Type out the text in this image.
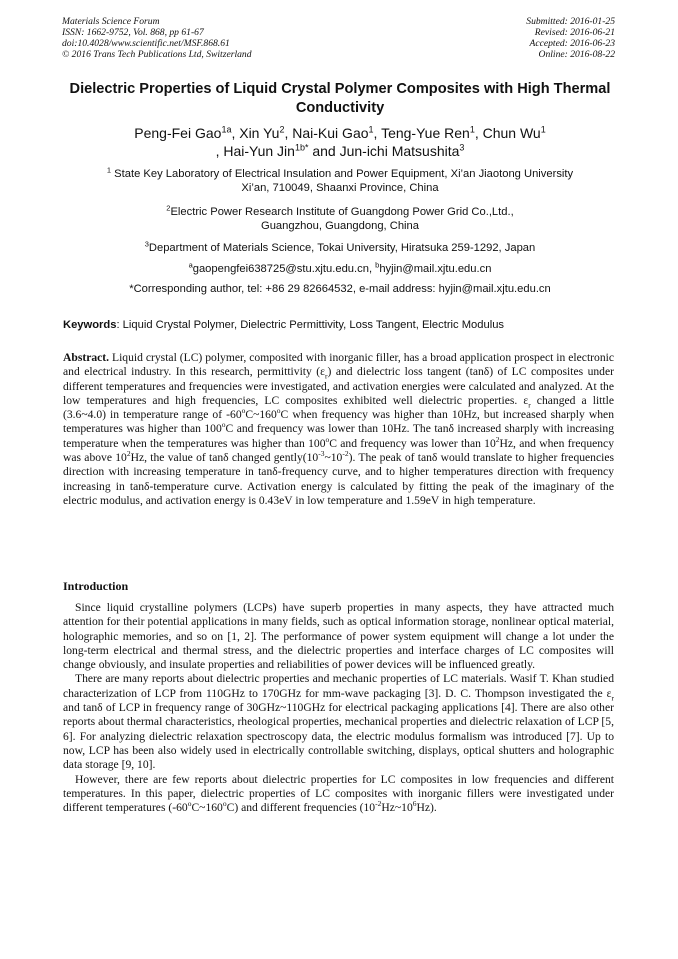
Materials Science Forum
ISSN: 1662-9752, Vol. 868, pp 61-67
doi:10.4028/www.scientific.net/MSF.868.61
© 2016 Trans Tech Publications Ltd, Switzerland
Submitted: 2016-01-25
Revised: 2016-06-21
Accepted: 2016-06-23
Online: 2016-08-22
Dielectric Properties of Liquid Crystal Polymer Composites with High Thermal Conductivity
Peng-Fei Gao$^{1a}$, Xin Yu$^2$, Nai-Kui Gao$^1$, Teng-Yue Ren$^1$, Chun Wu$^1$
, Hai-Yun Jin$^{1b*}$ and Jun-ichi Matsushita$^3$
$^1$ State Key Laboratory of Electrical Insulation and Power Equipment, Xi’an Jiaotong University
Xi’an, 710049, Shaanxi Province, China
$^2$Electric Power Research Institute of Guangdong Power Grid Co.,Ltd.,
Guangzhou, Guangdong, China
$^3$Department of Materials Science, Tokai University, Hiratsuka 259-1292, Japan
$^a$gaopengfei638725@stu.xjtu.edu.cn, $^b$hyjin@mail.xjtu.edu.cn
*Corresponding author, tel: +86 29 82664532, e-mail address: hyjin@mail.xjtu.edu.cn
Keywords: Liquid Crystal Polymer, Dielectric Permittivity, Loss Tangent, Electric Modulus

Abstract. Liquid crystal (LC) polymer, composited with inorganic filler, has a broad application prospect in electronic and electrical industry. In this research, permittivity $(\varepsilon_r)$ and dielectric loss tangent (tanδ) of LC composites under different temperatures and frequencies were investigated, and activation energies were calculated and analyzed. At the low temperatures and high frequencies, LC composites exhibited well dielectric properties. $\varepsilon_r$ changed a little (3.6~4.0) in temperature range of -60$^o$C~160$^o$C when frequency was higher than 10Hz, but increased sharply when temperatures was higher than 100$^o$C and frequency was lower than 10Hz. The tanδ increased sharply with increasing temperature when the temperatures was higher than 100$^o$C and frequency was lower than $10^2Hz$, and when frequency was above $10^2Hz$, the value of tanδ changed $gently(10^{-3}\sim 10^{-2})$. The peak of tanδ would translate to higher frequencies direction with increasing temperature in tanδ-frequency curve, and to higher temperatures direction with frequency increasing in tanδ-temperature curve. Activation energy is calculated by fitting the peak of the imaginary of the electric modulus, and activation energy is 0.43eV in low temperature and 1.59eV in high temperature.

Introduction

Since liquid crystalline polymers (LCPs) have superb properties in many aspects, they have attracted much attention for their potential applications in many fields, such as optical information storage, nonlinear optical material, holographic memories, and so on [1, 2]. The performance of power system equipment will change a lot under the long-term electrical and thermal stress, and the dielectric properties and interface charges of LC composites will change obviously, and insulate properties and reliabilities of power devices will be influenced greatly.

There are many reports about dielectric properties and mechanic properties of LC materials. Wasif T. Khan studied characterization of LCP from 110GHz to 170GHz for mm-wave packaging [3]. D. C. Thompson investigated the $\varepsilon_r$ and tanδ of LCP in frequency range of 30GHz~110GHz for electrical packaging applications [4]. There are also other reports about thermal characteristics, rheological properties, mechanical properties and dielectric relaxation of LCP [5, 6]. For analyzing dielectric relaxation spectroscopy data, the electric modulus formalism was introduced [7]. Up to now, LCP has been also widely used in electrically controllable switching, displays, optical shutters and holographic data storage [9, 10].

However, there are few reports about dielectric properties for LC composites in low frequencies and different temperatures. In this paper, dielectric properties of LC composites with inorganic fillers were investigated under different temperatures (-60$^o$C~160$^o$C) and different frequencies $(10^{-2}Hz\sim 10^6Hz)$.
